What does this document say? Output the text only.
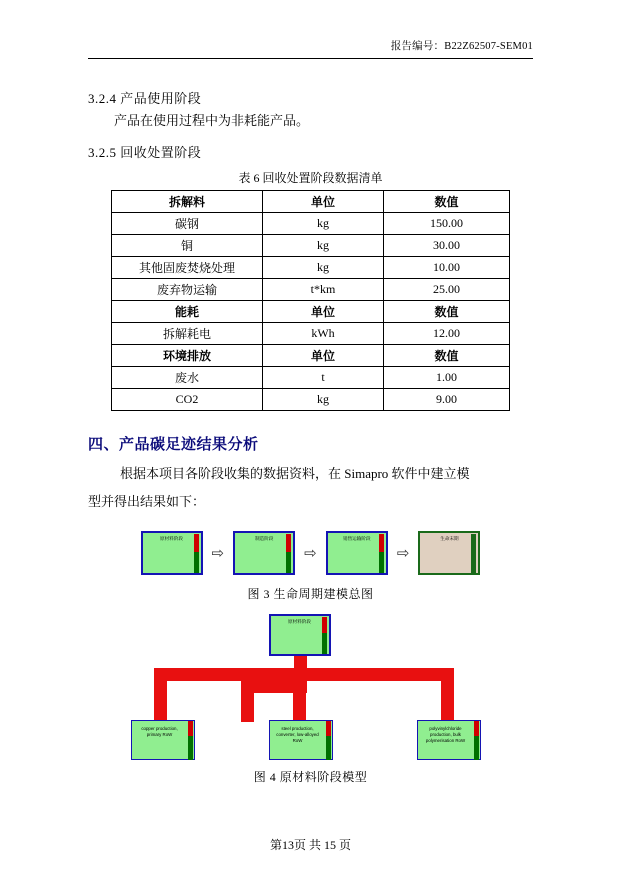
报告编号：B22Z62507-SEM01
3.2.4 产品使用阶段
产品在使用过程中为非耗能产品。
3.2.5 回收处置阶段
表 6 回收处置阶段数据清单
拆解料	单位	数值
碳钢	kg	150.00
铜	kg	30.00
其他固废焚烧处理	kg	10.00
废弃物运输	t*km	25.00
能耗	单位	数值
拆解耗电	kWh	12.00
环境排放	单位	数值
废水	t	1.00
CO2	kg	9.00
四、产品碳足迹结果分析
根据本项目各阶段收集的数据资料，在 Simapro 软件中建立模
型并得出结果如下：
原材料阶段
⇨
制造阶段
⇨
销售运输阶段
⇨
生命末期
图 3 生命周期建模总图
原材料阶段
copper production, primary RoW
steel production, converter, low-alloyed RoW
polyvinylchloride production, bulk polymerisation RoW
图 4 原材料阶段模型
第13页 共 15 页
